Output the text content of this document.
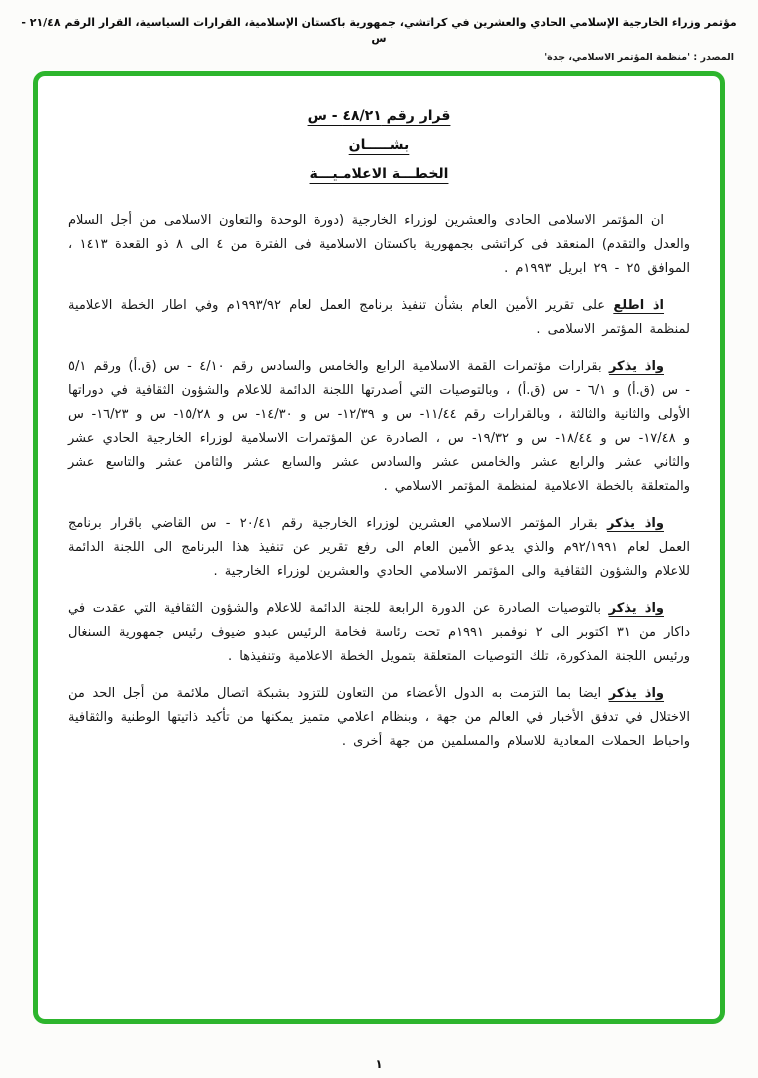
مؤتمر وزراء الخارجية الإسلامي الحادي والعشرين في كراتشي، جمهورية باكستان الإسلامية، القرارات السياسية، القرار الرقم ٢١/٤٨ - س
المصدر : 'منظمة المؤتمر الاسلامي، جدة'
قرار رقم ٤٨/٢١ - س
بشـــــان
الخطـــة الاعلامـيـــة

ان المؤتمر الاسلامى الحادى والعشرين لوزراء الخارجية (دورة الوحدة والتعاون الاسلامى من أجل السلام والعدل والتقدم) المنعقد فى كراتشى بجمهورية باكستان الاسلامية فى الفترة من ٤ الى ٨ ذو القعدة ١٤١٣ ، الموافق ٢٥ - ٢٩ ابريل ١٩٩٣م .

اذ اطلع على تقرير الأمين العام بشأن تنفيذ برنامج العمل لعام ١٩٩٣/٩٢م وفي اطار الخطة الاعلامية لمنظمة المؤتمر الاسلامى .

واذ يذكر بقرارات مؤتمرات القمة الاسلامية الرابع والخامس والسادس رقم ٤/١٠ - س (ق.أ) ورقم ٥/١ - س (ق.أ) و ٦/١ - س (ق.أ) ، وبالتوصيات التي أصدرتها اللجنة الدائمة للاعلام والشؤون الثقافية في دوراتها الأولى والثانية والثالثة ، وبالقرارات رقم ١١/٤٤- س و ١٢/٣٩- س و ١٤/٣٠- س و ١٥/٢٨- س و ١٦/٢٣- س و ١٧/٤٨- س و ١٨/٤٤- س و ١٩/٣٢- س ، الصادرة عن المؤتمرات الاسلامية لوزراء الخارجية الحادي عشر والثاني عشر والرابع عشر والخامس عشر والسادس عشر والسابع عشر والثامن عشر والتاسع عشر والمتعلقة بالخطة الاعلامية لمنظمة المؤتمر الاسلامي .

واذ يذكر بقرار المؤتمر الاسلامي العشرين لوزراء الخارجية رقم ٢٠/٤١ - س القاضي باقرار برنامج العمل لعام ٩٢/١٩٩١م والذي يدعو الأمين العام الى رفع تقرير عن تنفيذ هذا البرنامج الى اللجنة الدائمة للاعلام والشؤون الثقافية والى المؤتمر الاسلامي الحادي والعشرين لوزراء الخارجية .

واذ يذكر بالتوصيات الصادرة عن الدورة الرابعة للجنة الدائمة للاعلام والشؤون الثقافية التي عقدت في داكار من ٣١ اكتوبر الى ٢ نوفمبر ١٩٩١م تحت رئاسة فخامة الرئيس عبدو ضيوف رئيس جمهورية السنغال ورئيس اللجنة المذكورة، تلك التوصيات المتعلقة بتمويل الخطة الاعلامية وتنفيذها .

واذ يذكر ايضا بما التزمت به الدول الأعضاء من التعاون للتزود بشبكة اتصال ملائمة من أجل الحد من الاختلال في تدفق الأخبار في العالم من جهة ، وبنظام اعلامي متميز يمكنها من تأكيد ذاتيتها الوطنية والثقافية واحباط الحملات المعادية للاسلام والمسلمين من جهة أخرى .

١
